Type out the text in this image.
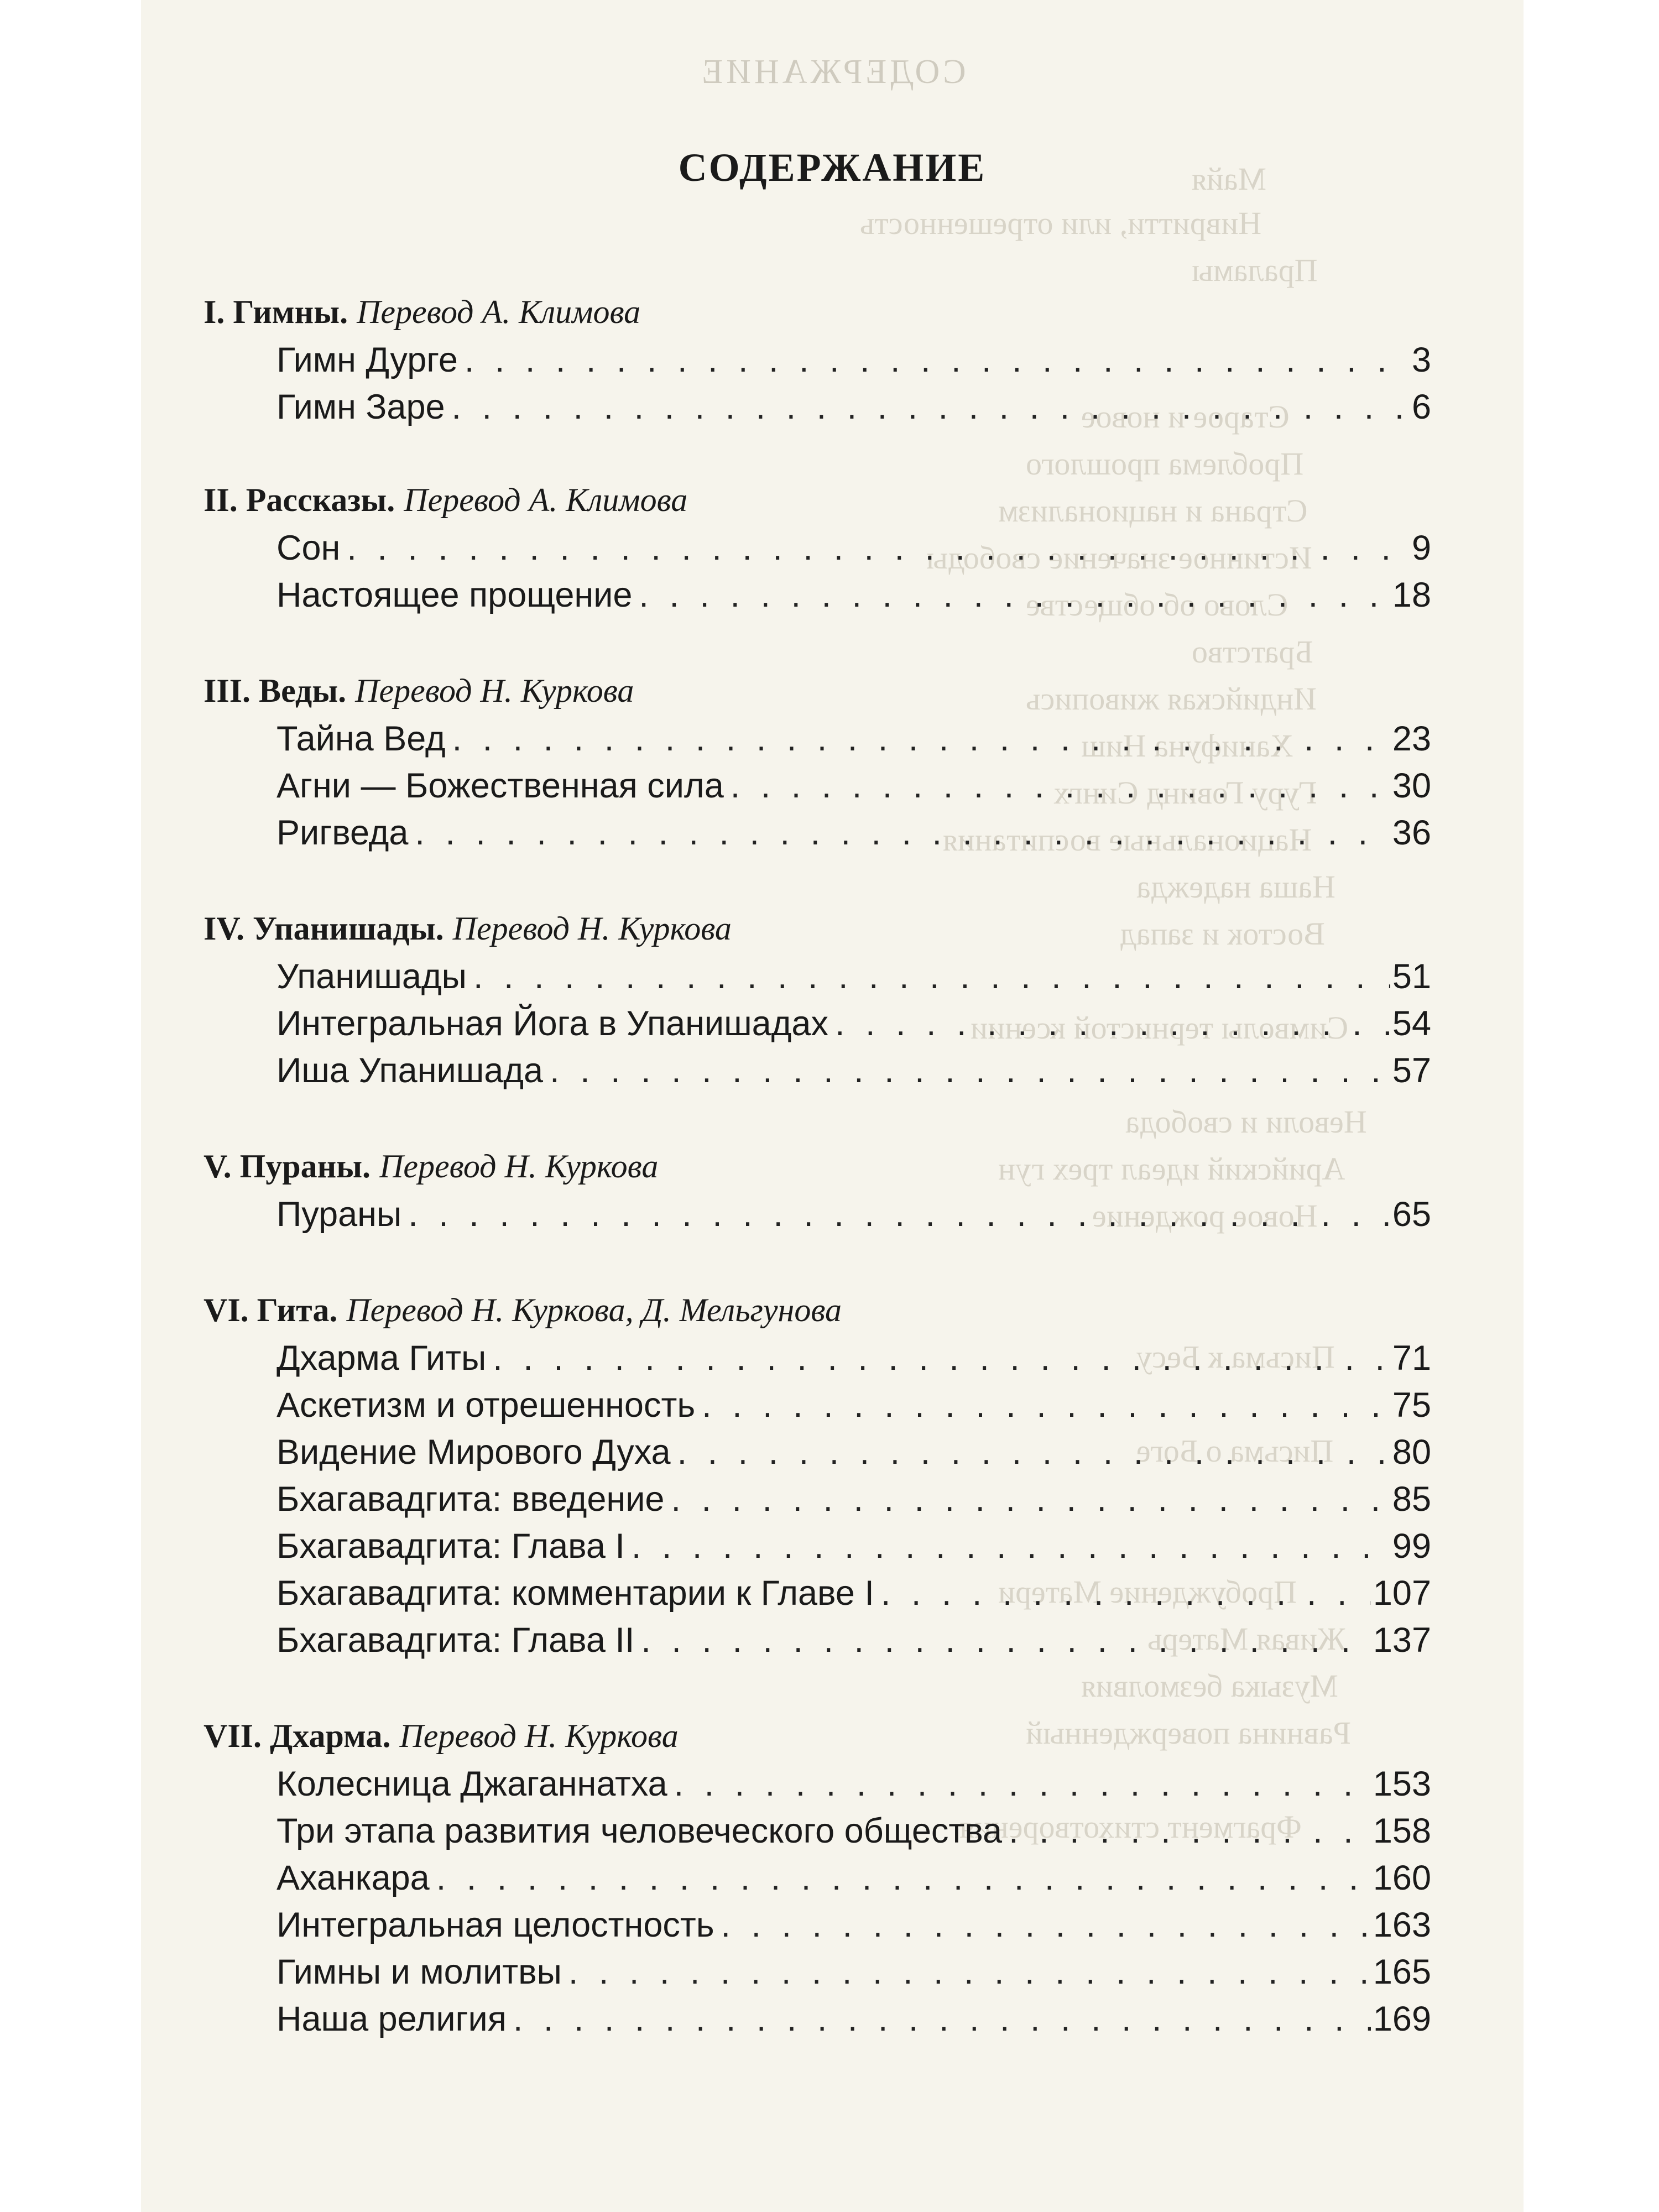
СОДЕРЖАНИЕ
СОДЕРЖАНИЕ	Майя
Нивритти, или отрешенность
Праламы
Старое и новое
Проблема прошлого
Страна и национализм
Истинное значение свободы
Слово об обществе
Братство
Индийская живопись
Ханифуна Ниш
Гуру Говинд Сингх
Национальные воспитания
Наша надежда
Восток и запад
Символы тернистой ксении
Неволи и свобода
Арийский идеал трех гун
Новое рождение
Письма к Бесу
Письма о Боге
Пробуждение Матери
Живая Матерь
Музыка безмолвия
Равнина повержденный
Фрагмент стихотворения
I. Гимны. Перевод А. Климова
Гимн Дурге . . .	3
Гимн Заре . . .	6
II. Рассказы. Перевод А. Климова
Сон . . .	9
Настоящее прощение . . .	18
III. Веды. Перевод Н. Куркова
Тайна Вед . . .	23
Агни — Божественная сила . . .	30
Ригведа . . .	36
IV. Упанишады. Перевод Н. Куркова
Упанишады . . .	51
Интегральная Йога в Упанишадах . . .	54
Иша Упанишада . . .	57
V. Пураны. Перевод Н. Куркова
Пураны . . .	65
VI. Гита. Перевод Н. Куркова, Д. Мельгунова
Дхарма Гиты . . .	71
Аскетизм и отрешенность . . .	75
Видение Мирового Духа . . .	80
Бхагавадгита: введение . . .	85
Бхагавадгита: Глава I . . .	99
Бхагавадгита: комментарии к Главе I . . .	107
Бхагавадгита: Глава II . . .	137
VII. Дхарма. Перевод Н. Куркова
Колесница Джаганнатха . . .	153
Три этапа развития человеческого общества . . .	158
Аханкара . . .	160
Интегральная целостность . . .	163
Гимны и молитвы . . .	165
Наша религия . . .	169
